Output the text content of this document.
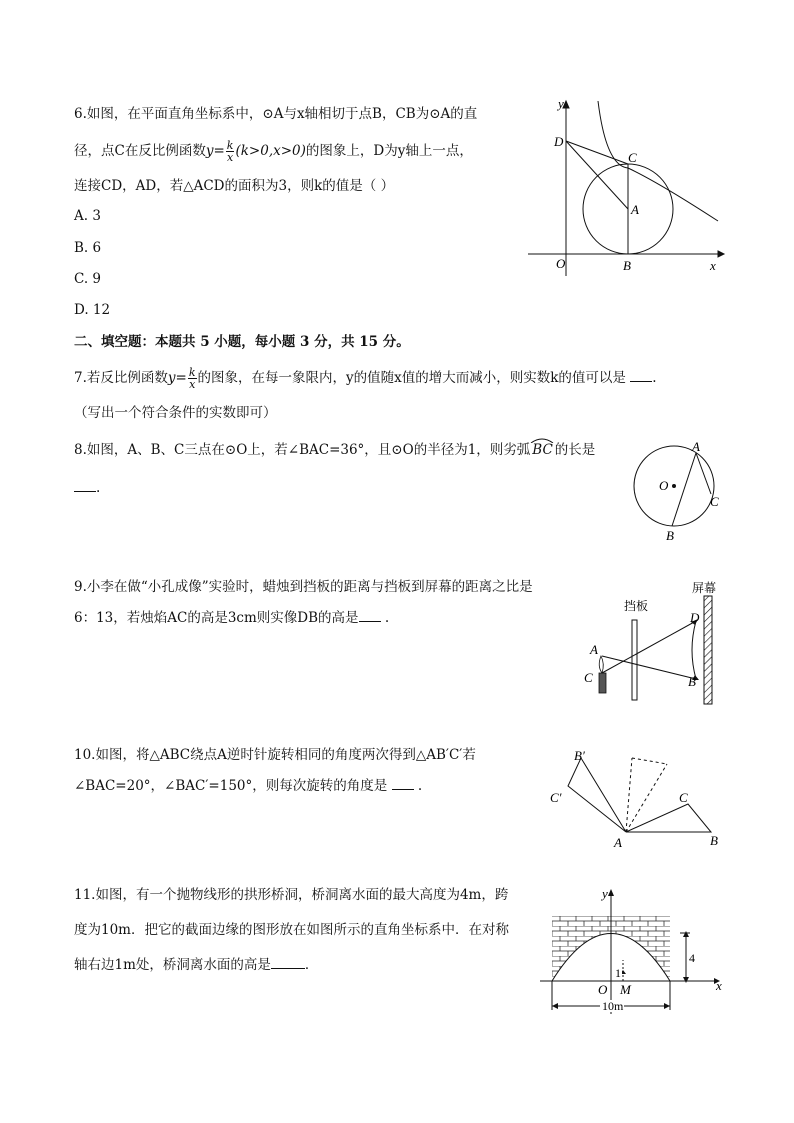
6.如图，在平面直角坐标系中，⊙A与x轴相切于点B，CB为⊙A的直
径，点C在反比例函数$y= \frac{k}{x} (k>0,x>0)$的图象上，D为y轴上一点，
连接CD，AD，若△ACD的面积为3，则k的值是（ ）
A. 3
B. 6
C. 9
D. 12
y
x
D
C
A
O	B
二、填空题：本题共 5 小题，每小题 3 分，共 15 分。
7.若反比例函数$y= \frac{k}{x}$ 的图象，在每一象限内，y的值随x值的增大而减小，则实数k的值可以是 .
（写出一个符合条件的实数即可）
8.如图，A、B、C三点在⊙O上，若∠BAC=36°，且⊙O的半径为1，则劣弧 BC 的长是
.	O
A
C
B
9.小李在做“小孔成像”实验时，蜡烛到挡板的距离与挡板到屏幕的距离之比是
6：13，若烛焰AC的高是3cm则实像DB的高是 .
屏幕
挡板
A
C
D
B
10.如图，将△ABC绕点A逆时针旋转相同的角度两次得到△AB′C′若
∠BAC=20°，∠BAC′=150°，则每次旋转的角度是 .
B′
C′	C
A	B
11.如图，有一个抛物线形的拱形桥洞，桥洞离水面的最大高度为4m，跨
度为10m．把它的截面边缘的图形放在如图所示的直角坐标系中．在对称
轴右边1m处，桥洞离水面的高是	．
y
x
O M
1
4
10m
